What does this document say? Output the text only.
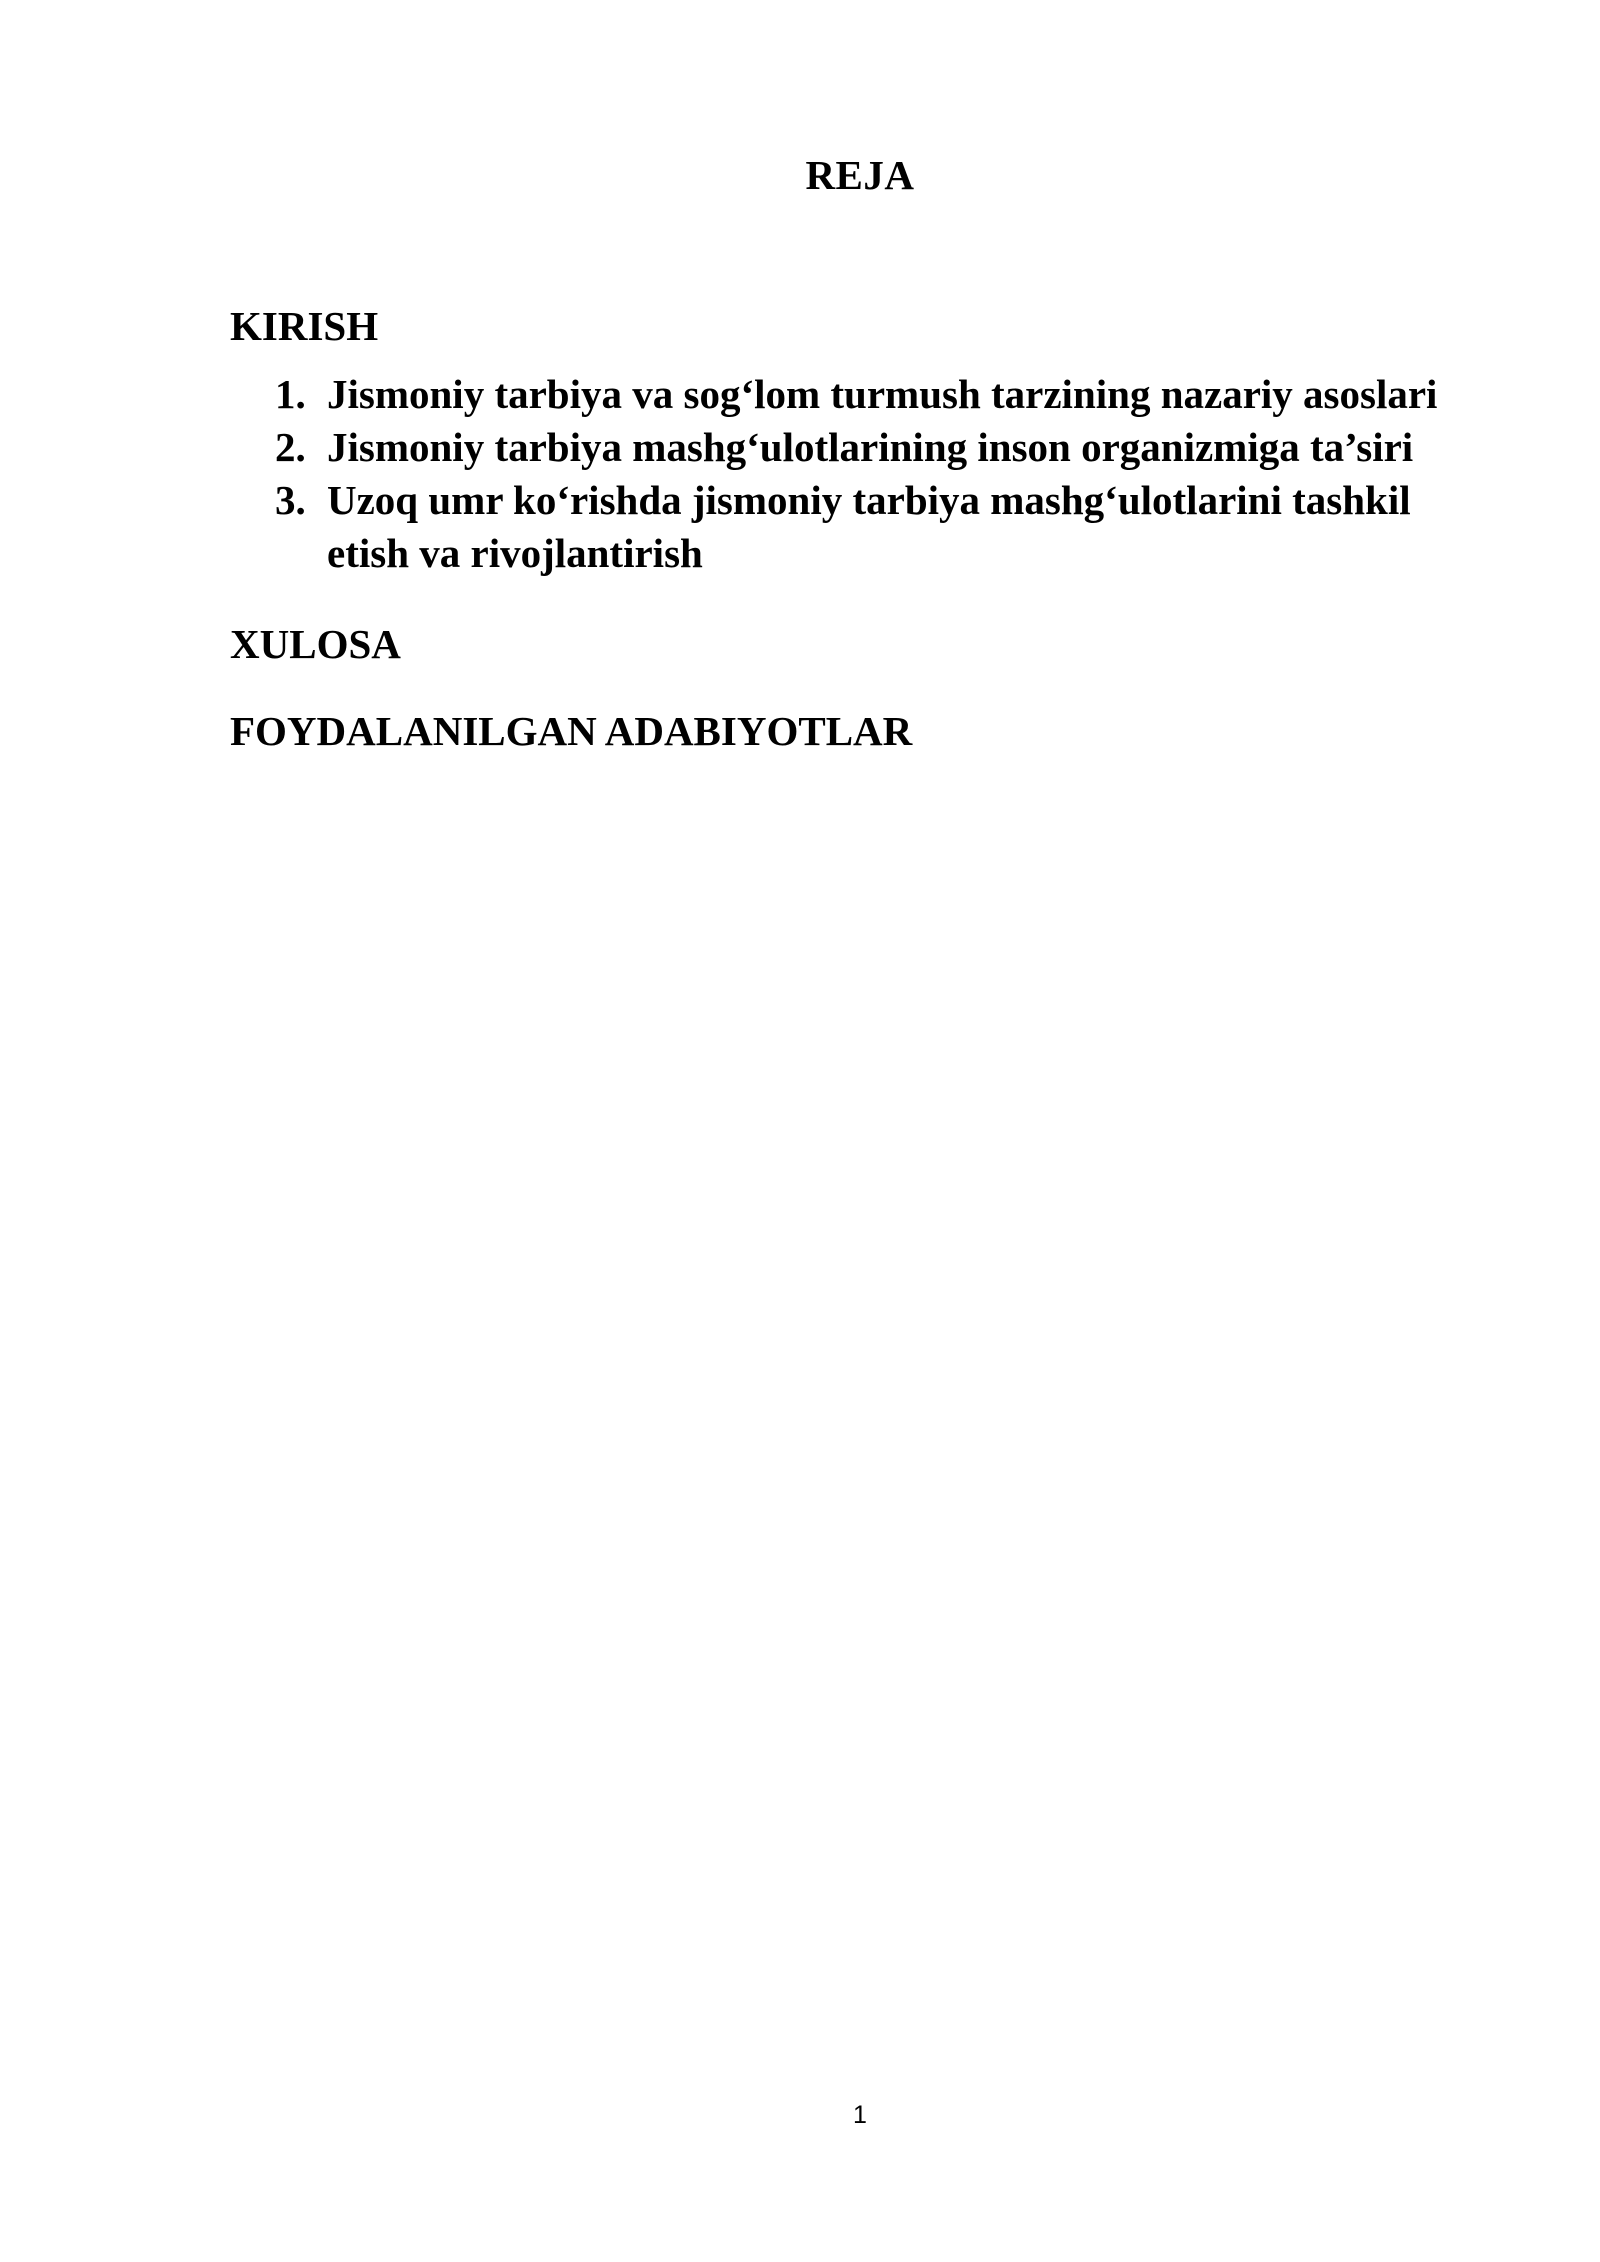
REJA

KIRISH

1. Jismoniy tarbiya va sog‘lom turmush tarzining nazariy asoslari
2. Jismoniy tarbiya mashg‘ulotlarining inson organizmiga ta’siri
3. Uzoq umr ko‘rishda jismoniy tarbiya mashg‘ulotlarini tashkil etish va rivojlantirish

XULOSA

FOYDALANILGAN ADABIYOTLAR

1
